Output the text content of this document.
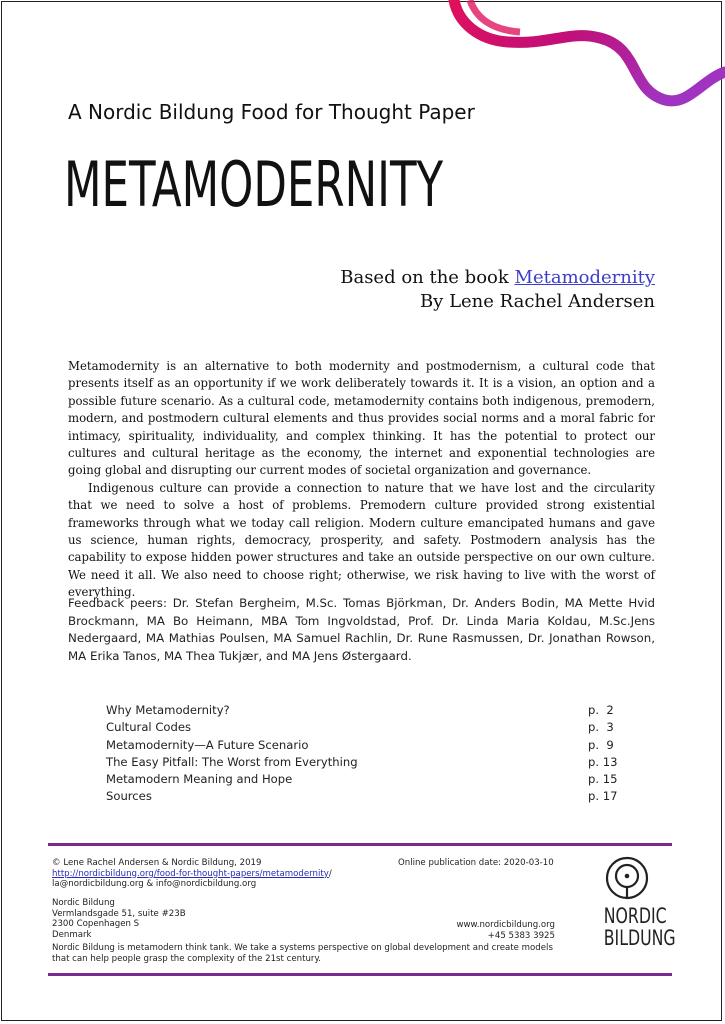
A Nordic Bildung Food for Thought Paper
METAMODERNITY
Based on the book Metamodernity
By Lene Rachel Andersen

Metamodernity is an alternative to both modernity and postmodernism, a cultural code that presents itself as an opportunity if we work deliberately towards it. It is a vision, an option and a possible future scenario. As a cultural code, metamodernity contains both indigenous, premodern, modern, and postmodern cultural elements and thus provides social norms and a moral fabric for intimacy, spirituality, individuality, and complex thinking. It has the potential to protect our cultures and cultural heritage as the economy, the internet and exponential technologies are going global and disrupting our current modes of societal organization and governance.

Indigenous culture can provide a connection to nature that we have lost and the circularity that we need to solve a host of problems. Premodern culture provided strong existential frameworks through what we today call religion. Modern culture emancipated humans and gave us science, human rights, democracy, prosperity, and safety. Postmodern analysis has the capability to expose hidden power structures and take an outside perspective on our own culture. We need it all. We also need to choose right; otherwise, we risk having to live with the worst of everything.

Feedback peers: Dr. Stefan Bergheim, M.Sc. Tomas Björkman, Dr. Anders Bodin, MA Mette Hvid Brockmann, MA Bo Heimann, MBA Tom Ingvoldstad, Prof. Dr. Linda Maria Koldau, M.Sc.Jens Nedergaard, MA Mathias Poulsen, MA Samuel Rachlin, Dr. Rune Rasmussen, Dr. Jonathan Rowson, MA Erika Tanos, MA Thea Tukjær, and MA Jens Østergaard.

Why Metamodernity?	p.  2
Cultural Codes	p.  3
Metamodernity—A Future Scenario	p.  9
The Easy Pitfall: The Worst from Everything	p. 13
Metamodern Meaning and Hope	p. 15
Sources	p. 17
© Lene Rachel Andersen & Nordic Bildung, 2019
http://nordicbildung.org/food-for-thought-papers/metamodernity/
la@nordicbildung.org & info@nordicbildung.org
Online publication date: 2020-03-10
Nordic Bildung
Vermlandsgade 51, suite #23B
2300 Copenhagen S
Denmark
www.nordicbildung.org
+45 5383 3925
Nordic Bildung is metamodern think tank. We take a systems perspective on global development and create models that can help people grasp the complexity of the 21st century.
NORDIC
BILDUNG
